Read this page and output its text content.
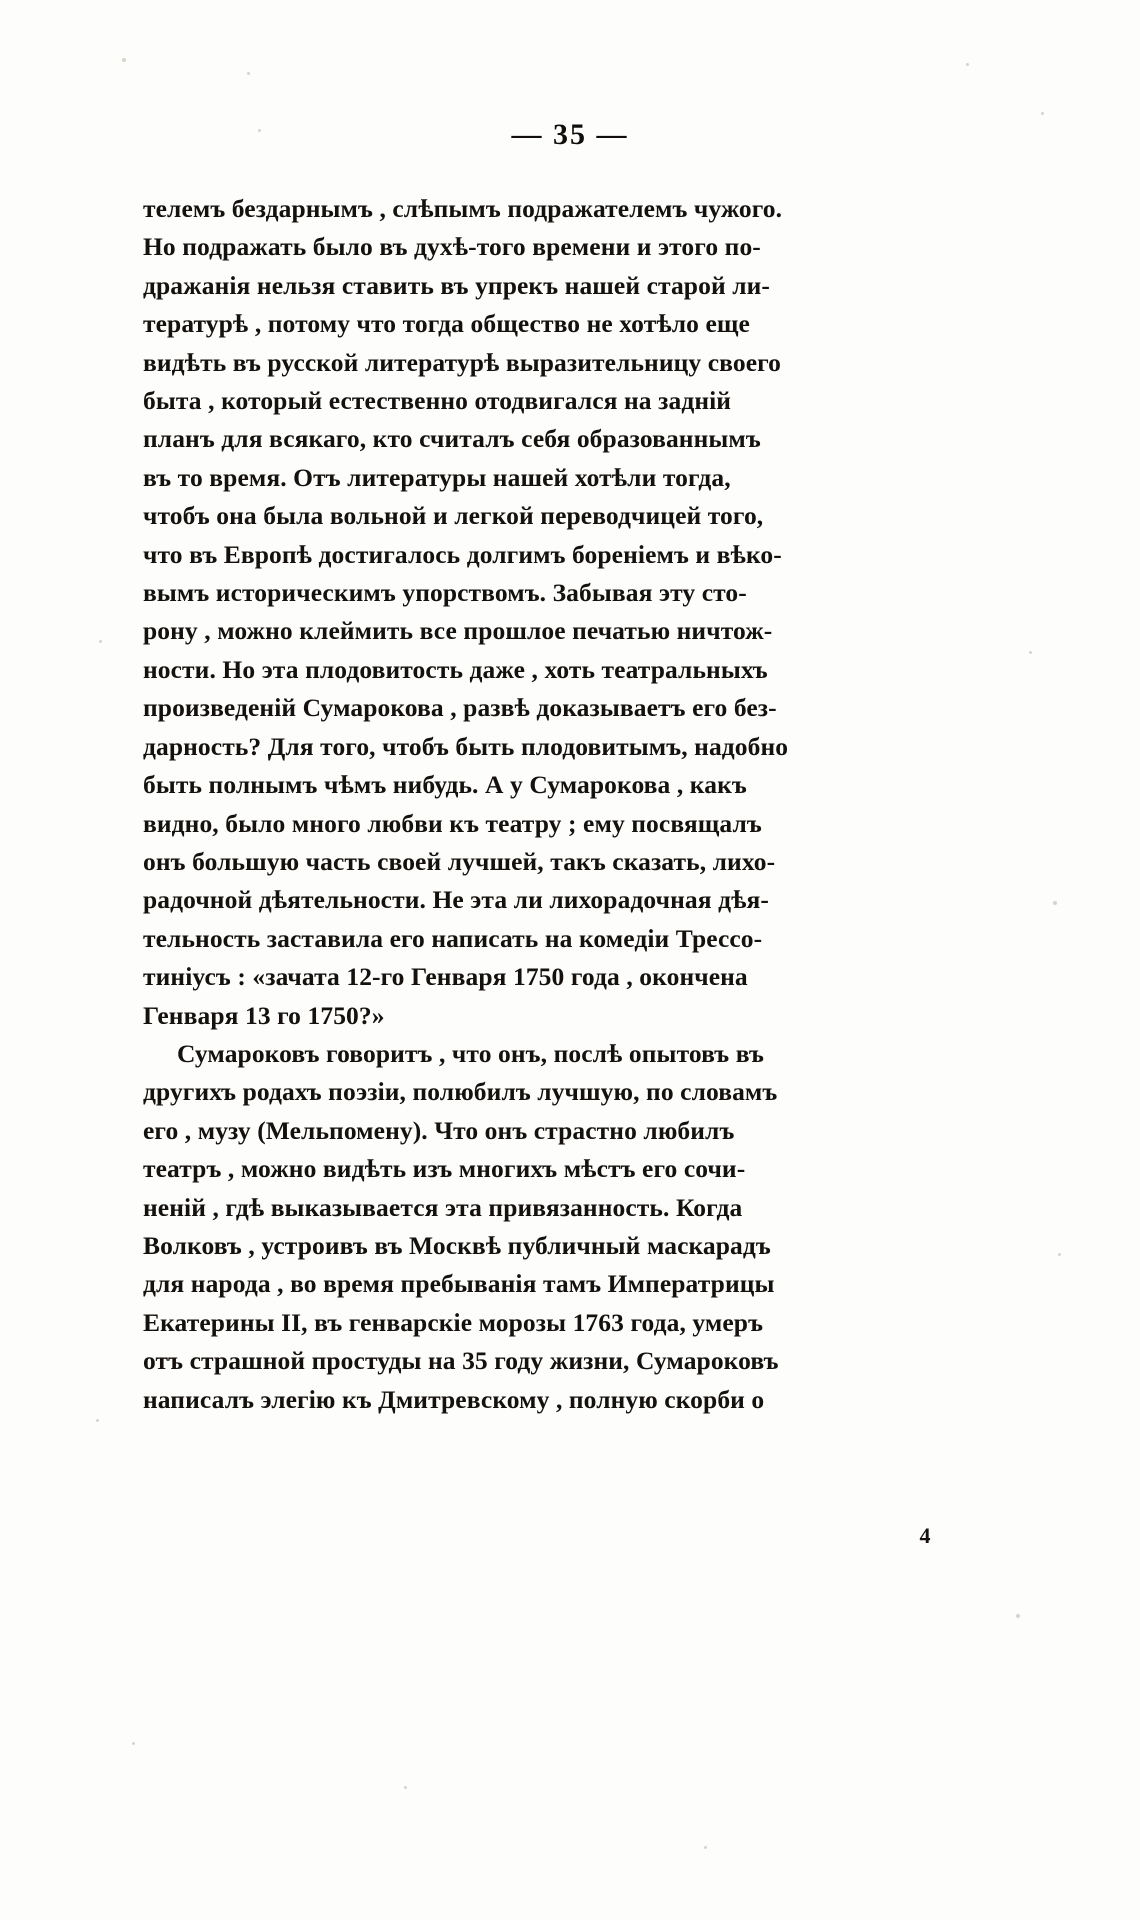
— 35 —
телемъ бездарнымъ , слѣпымъ подражателемъ чужого.
Но подражать было въ духѣ-того времени и этого по-
дражанія нельзя ставить въ упрекъ нашей старой ли-
тературѣ , потому что тогда общество не хотѣло еще
видѣть въ русской литературѣ выразительницу своего
быта , который естественно отодвигался на задній
планъ для всякаго, кто считалъ себя образованнымъ
въ то время. Отъ литературы нашей хотѣли тогда,
чтобъ она была вольной и легкой переводчицей того,
что въ Европѣ достигалось долгимъ бореніемъ и вѣко-
вымъ историческимъ упорствомъ. Забывая эту сто-
рону , можно клеймить все прошлое печатью ничтож-
ности. Но эта плодовитость даже , хоть театральныхъ
произведеній Сумарокова , развѣ доказываетъ его без-
дарность? Для того, чтобъ быть плодовитымъ, надобно
быть полнымъ чѣмъ нибудь. А у Сумарокова , какъ
видно, было много любви къ театру ; ему посвящалъ
онъ большую часть своей лучшей, такъ сказать, лихо-
радочной дѣятельности. Не эта ли лихорадочная дѣя-
тельность заставила его написать на комедіи Трессо-
тиніусъ : «зачата 12-го Генваря 1750 года , окончена
Генваря 13 го 1750?»
Сумароковъ говоритъ , что онъ, послѣ опытовъ въ
другихъ родахъ поэзіи, полюбилъ лучшую, по словамъ
его , музу (Мельпомену). Что онъ страстно любилъ
театръ , можно видѣть изъ многихъ мѣстъ его сочи-
неній , гдѣ выказывается эта привязанность. Когда
Волковъ , устроивъ въ Москвѣ публичный маскарадъ
для народа , во время пребыванія тамъ Императрицы
Екатерины II, въ генварскіе морозы 1763 года, умеръ
отъ страшной простуды на 35 году жизни, Сумароковъ
написалъ элегію къ Дмитревскому , полную скорби о
4
